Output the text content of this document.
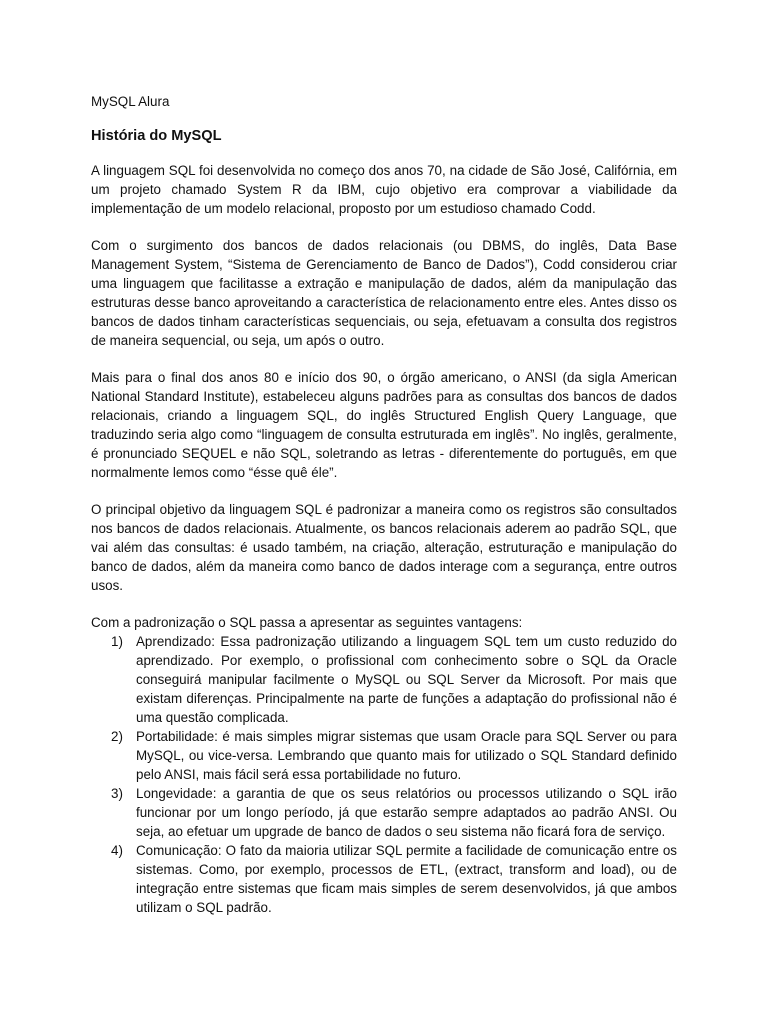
MySQL Alura

História do MySQL

A linguagem SQL foi desenvolvida no começo dos anos 70, na cidade de São José, Califórnia, em um projeto chamado System R da IBM, cujo objetivo era comprovar a viabilidade da implementação de um modelo relacional, proposto por um estudioso chamado Codd.

Com o surgimento dos bancos de dados relacionais (ou DBMS, do inglês, Data Base Management System, “Sistema de Gerenciamento de Banco de Dados”), Codd considerou criar uma linguagem que facilitasse a extração e manipulação de dados, além da manipulação das estruturas desse banco aproveitando a característica de relacionamento entre eles. Antes disso os bancos de dados tinham características sequenciais, ou seja, efetuavam a consulta dos registros de maneira sequencial, ou seja, um após o outro.

Mais para o final dos anos 80 e início dos 90, o órgão americano, o ANSI (da sigla American National Standard Institute), estabeleceu alguns padrões para as consultas dos bancos de dados relacionais, criando a linguagem SQL, do inglês Structured English Query Language, que traduzindo seria algo como “linguagem de consulta estruturada em inglês”. No inglês, geralmente, é pronunciado SEQUEL e não SQL, soletrando as letras - diferentemente do português, em que normalmente lemos como “ésse quê éle”.

O principal objetivo da linguagem SQL é padronizar a maneira como os registros são consultados nos bancos de dados relacionais. Atualmente, os bancos relacionais aderem ao padrão SQL, que vai além das consultas: é usado também, na criação, alteração, estruturação e manipulação do banco de dados, além da maneira como banco de dados interage com a segurança, entre outros usos.

Com a padronização o SQL passa a apresentar as seguintes vantagens:

1) Aprendizado: Essa padronização utilizando a linguagem SQL tem um custo reduzido do aprendizado. Por exemplo, o profissional com conhecimento sobre o SQL da Oracle conseguirá manipular facilmente o MySQL ou SQL Server da Microsoft. Por mais que existam diferenças. Principalmente na parte de funções a adaptação do profissional não é uma questão complicada.
2) Portabilidade: é mais simples migrar sistemas que usam Oracle para SQL Server ou para MySQL, ou vice-versa. Lembrando que quanto mais for utilizado o SQL Standard definido pelo ANSI, mais fácil será essa portabilidade no futuro.
3) Longevidade: a garantia de que os seus relatórios ou processos utilizando o SQL irão funcionar por um longo período, já que estarão sempre adaptados ao padrão ANSI. Ou seja, ao efetuar um upgrade de banco de dados o seu sistema não ficará fora de serviço.
4) Comunicação: O fato da maioria utilizar SQL permite a facilidade de comunicação entre os sistemas. Como, por exemplo, processos de ETL, (extract, transform and load), ou de integração entre sistemas que ficam mais simples de serem desenvolvidos, já que ambos utilizam o SQL padrão.
